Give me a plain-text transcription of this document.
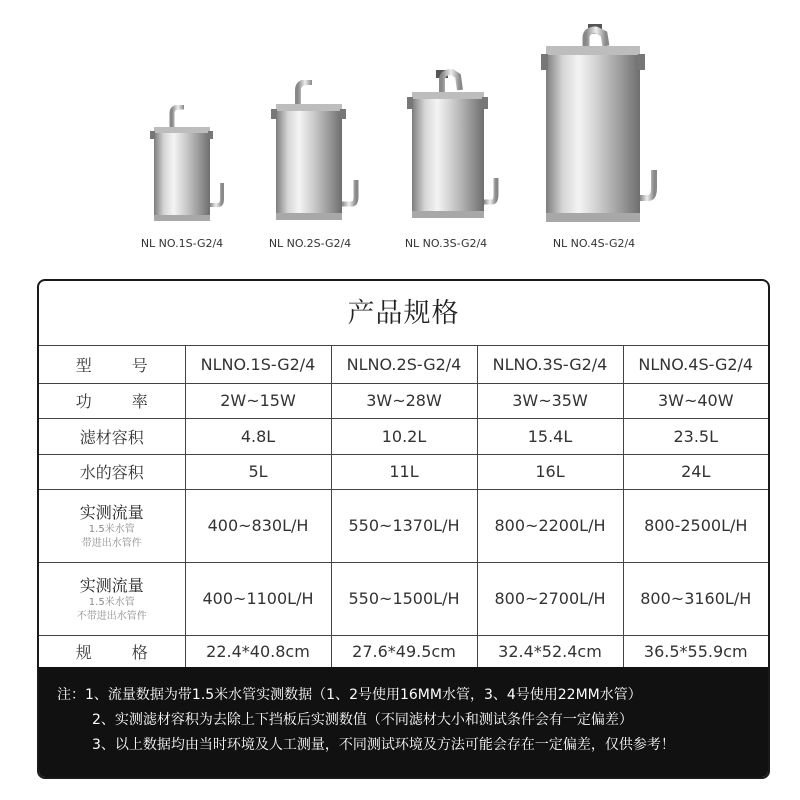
NL NO.1S-G2/4	NL NO.2S-G2/4	NL NO.3S-G2/4	NL NO.4S-G2/4
产品规格
型号	NLNO.1S-G2/4	NLNO.2S-G2/4	NLNO.3S-G2/4	NLNO.4S-G2/4
功率	2W~15W	3W~28W	3W~35W	3W~40W
滤材容积	4.8L	10.2L	15.4L	23.5L
水的容积	5L	11L	16L	24L

实测流量
1.5米水管
带进出水管件	400~830L/H	550~1370L/H	800~2200L/H	800-2500L/H

实测流量
1.5米水管
不带进出水管件	400~1100L/H	550~1500L/H	800~2700L/H	800~3160L/H
规格	22.4*40.8cm	27.6*49.5cm	32.4*52.4cm	36.5*55.9cm
注：1、流量数据为带1.5米水管实测数据（1、2号使用16MM水管，3、4号使用22MM水管）
2、实测滤材容积为去除上下挡板后实测数值（不同滤材大小和测试条件会有一定偏差）
3、以上数据均由当时环境及人工测量，不同测试环境及方法可能会存在一定偏差，仅供参考！
